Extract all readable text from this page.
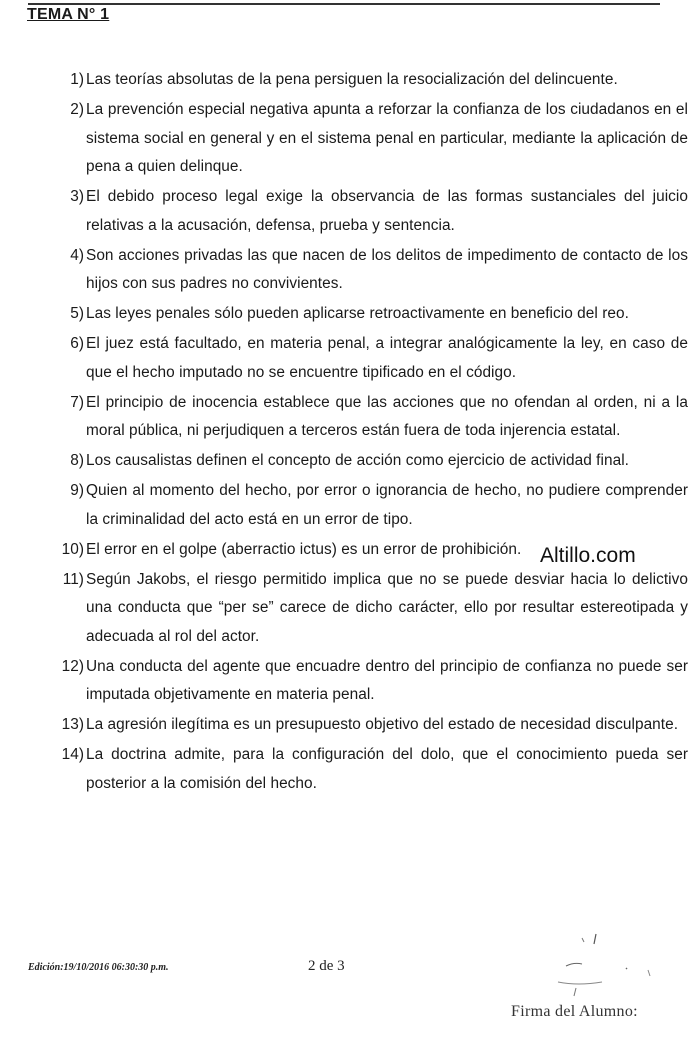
TEMA N° 1
1) Las teorías absolutas de la pena persiguen la resocialización del delincuente.
2) La prevención especial negativa apunta a reforzar la confianza de los ciudadanos en el sistema social en general y en el sistema penal en particular, mediante la aplicación de pena a quien delinque.
3) El debido proceso legal exige la observancia de las formas sustanciales del juicio relativas a la acusación, defensa, prueba y sentencia.
4) Son acciones privadas las que nacen de los delitos de impedimento de contacto de los hijos con sus padres no convivientes.
5) Las leyes penales sólo pueden aplicarse retroactivamente en beneficio del reo.
6) El juez está facultado, en materia penal, a integrar analógicamente la ley, en caso de que el hecho imputado no se encuentre tipificado en el código.
7) El principio de inocencia establece que las acciones que no ofendan al orden, ni a la moral pública, ni perjudiquen a terceros están fuera de toda injerencia estatal.
8) Los causalistas definen el concepto de acción como ejercicio de actividad final.
9) Quien al momento del hecho, por error o ignorancia de hecho, no pudiere comprender la criminalidad del acto está en un error de tipo.
10) El error en el golpe (aberractio ictus) es un error de prohibición.
11) Según Jakobs, el riesgo permitido implica que no se puede desviar hacia lo delictivo una conducta que “per se” carece de dicho carácter, ello por resultar estereotipada y adecuada al rol del actor.
12) Una conducta del agente que encuadre dentro del principio de confianza no puede ser imputada objetivamente en materia penal.
13) La agresión ilegítima es un presupuesto objetivo del estado de necesidad disculpante.
14) La doctrina admite, para la configuración del dolo, que el conocimiento pueda ser posterior a la comisión del hecho.
Altillo.com
Edición:19/10/2016 06:30:30 p.m.	2 de 3
Firma del Alumno:
